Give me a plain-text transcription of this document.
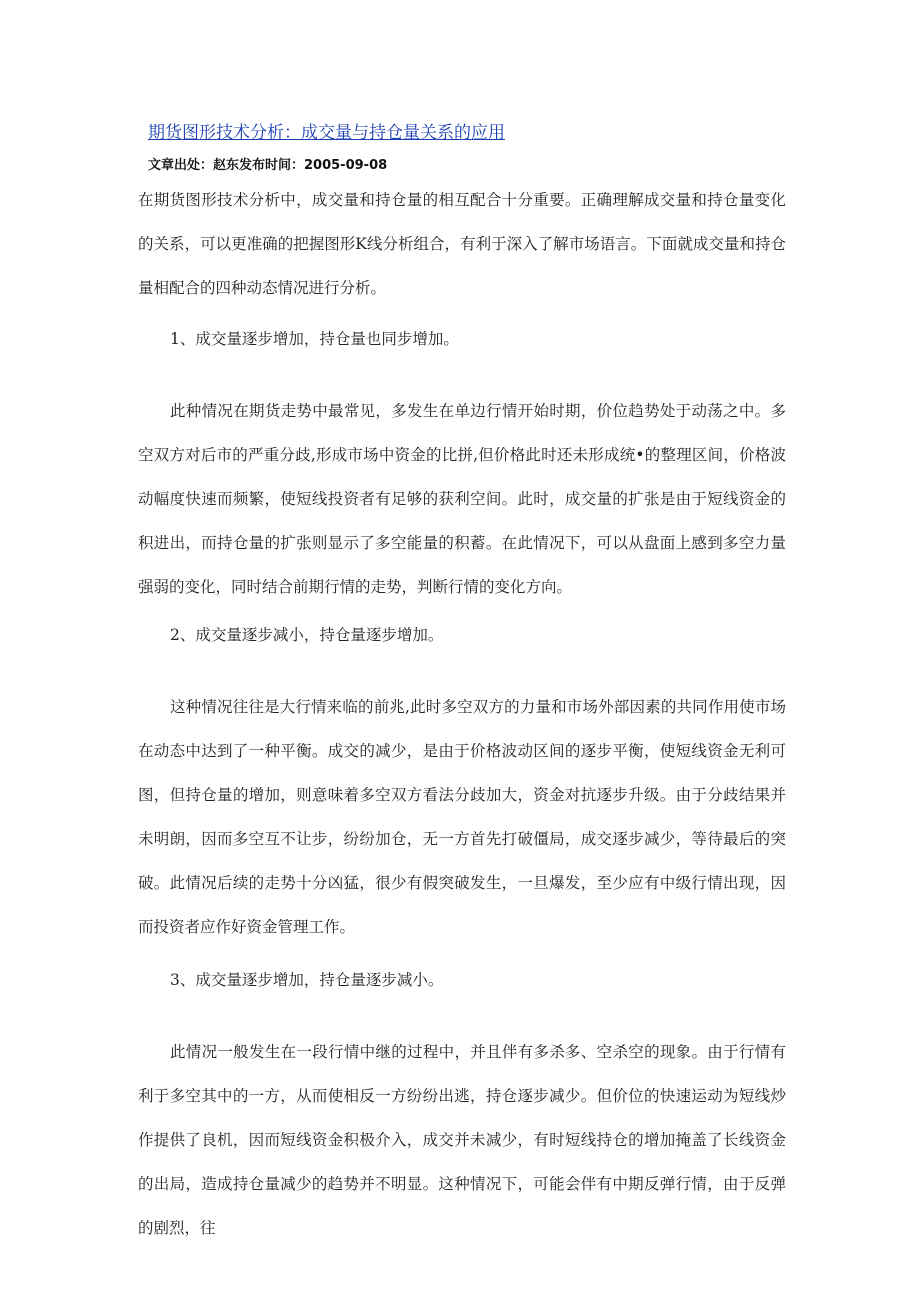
期货图形技术分析：成交量与持仓量关系的应用
文章出处：赵东发布时间：2005-09-08

在期货图形技术分析中，成交量和持仓量的相互配合十分重要。正确理解成交量和持仓量变化的关系，可以更准确的把握图形K线分析组合，有利于深入了解市场语言。下面就成交量和持仓量相配合的四种动态情况进行分析。

1、成交量逐步增加，持仓量也同步增加。

此种情况在期货走势中最常见，多发生在单边行情开始时期，价位趋势处于动荡之中。多空双方对后市的严重分歧,形成市场中资金的比拼,但价格此时还未形成统•的整理区间，价格波动幅度快速而频繁，使短线投资者有足够的获利空间。此时，成交量的扩张是由于短线资金的积进出，而持仓量的扩张则显示了多空能量的积蓄。在此情况下，可以从盘面上感到多空力量强弱的变化，同时结合前期行情的走势，判断行情的变化方向。

2、成交量逐步减小，持仓量逐步增加。

这种情况往往是大行情来临的前兆,此时多空双方的力量和市场外部因素的共同作用使市场在动态中达到了一种平衡。成交的减少，是由于价格波动区间的逐步平衡，使短线资金无利可图，但持仓量的增加，则意味着多空双方看法分歧加大，资金对抗逐步升级。由于分歧结果并未明朗，因而多空互不让步，纷纷加仓，无一方首先打破僵局，成交逐步减少，等待最后的突破。此情况后续的走势十分凶猛，很少有假突破发生，一旦爆发，至少应有中级行情出现，因而投资者应作好资金管理工作。

3、成交量逐步增加，持仓量逐步减小。

此情况一般发生在一段行情中继的过程中，并且伴有多杀多、空杀空的现象。由于行情有利于多空其中的一方，从而使相反一方纷纷出逃，持仓逐步减少。但价位的快速运动为短线炒作提供了良机，因而短线资金积极介入，成交并未减少，有时短线持仓的增加掩盖了长线资金的出局，造成持仓量减少的趋势并不明显。这种情况下，可能会伴有中期反弹行情，由于反弹的剧烈，往
